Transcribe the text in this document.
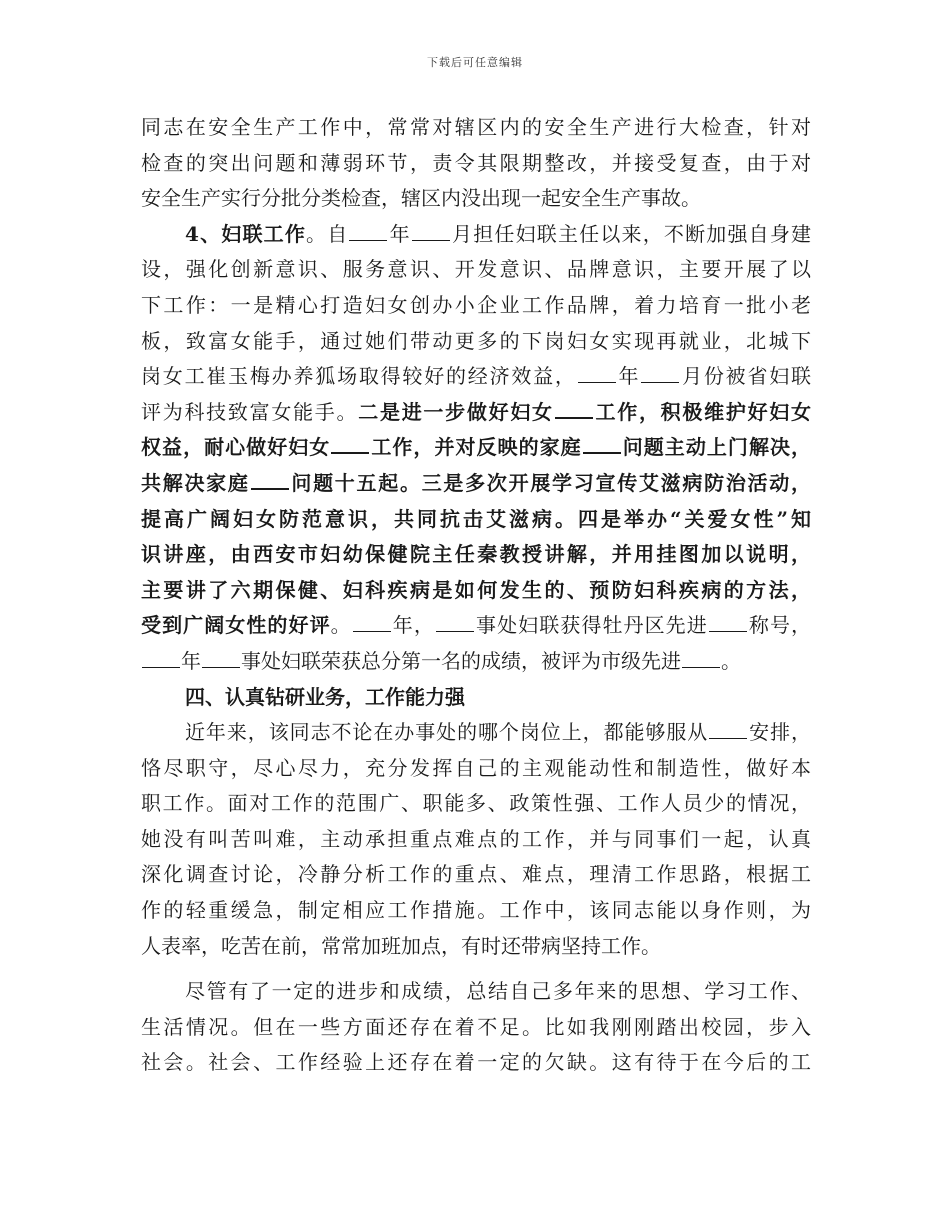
下载后可任意编辑
同志在安全生产工作中，常常对辖区内的安全生产进行大检查，针对
检查的突出问题和薄弱环节，责令其限期整改，并接受复查，由于对
安全生产实行分批分类检查，辖区内没出现一起安全生产事故。
4、妇联工作。自 年 月担任妇联主任以来，不断加强自身建
设，强化创新意识、服务意识、开发意识、品牌意识，主要开展了以
下工作：一是精心打造妇女创办小企业工作品牌，着力培育一批小老
板，致富女能手，通过她们带动更多的下岗妇女实现再就业，北城下
岗女工崔玉梅办养狐场取得较好的经济效益， 年 月份被省妇联
评为科技致富女能手。二是进一步做好妇女 工作，积极维护好妇女
权益，耐心做好妇女 工作，并对反映的家庭 问题主动上门解决，
共解决家庭 问题十五起。三是多次开展学习宣传艾滋病防治活动，
提高广阔妇女防范意识，共同抗击艾滋病。四是举办“关爱女性”知
识讲座，由西安市妇幼保健院主任秦教授讲解，并用挂图加以说明，
主要讲了六期保健、妇科疾病是如何发生的、预防妇科疾病的方法，
受到广阔女性的好评。 年， 事处妇联获得牡丹区先进 称号，
年 事处妇联荣获总分第一名的成绩，被评为市级先进 。
四、认真钻研业务，工作能力强
近年来，该同志不论在办事处的哪个岗位上，都能够服从 安排，
恪尽职守，尽心尽力，充分发挥自己的主观能动性和制造性，做好本
职工作。面对工作的范围广、职能多、政策性强、工作人员少的情况，
她没有叫苦叫难，主动承担重点难点的工作，并与同事们一起，认真
深化调查讨论，冷静分析工作的重点、难点，理清工作思路，根据工
作的轻重缓急，制定相应工作措施。工作中，该同志能以身作则，为
人表率，吃苦在前，常常加班加点，有时还带病坚持工作。
尽管有了一定的进步和成绩，总结自己多年来的思想、学习工作、
生活情况。但在一些方面还存在着不足。比如我刚刚踏出校园，步入
社会。社会、工作经验上还存在着一定的欠缺。这有待于在今后的工
